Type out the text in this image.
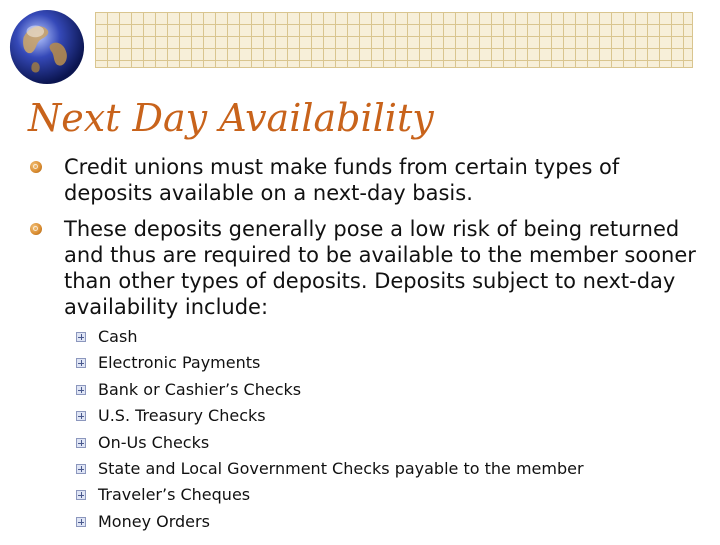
Next Day Availability
Credit unions must make funds from certain types of deposits available on a next-day basis.
These deposits generally pose a low risk of being returned and thus are required to be available to the member sooner than other types of deposits. Deposits subject to next-day availability include:
Cash
Electronic Payments
Bank or Cashier’s Checks
U.S. Treasury Checks
On-Us Checks
State and Local Government Checks payable to the member
Traveler’s Cheques
Money Orders
